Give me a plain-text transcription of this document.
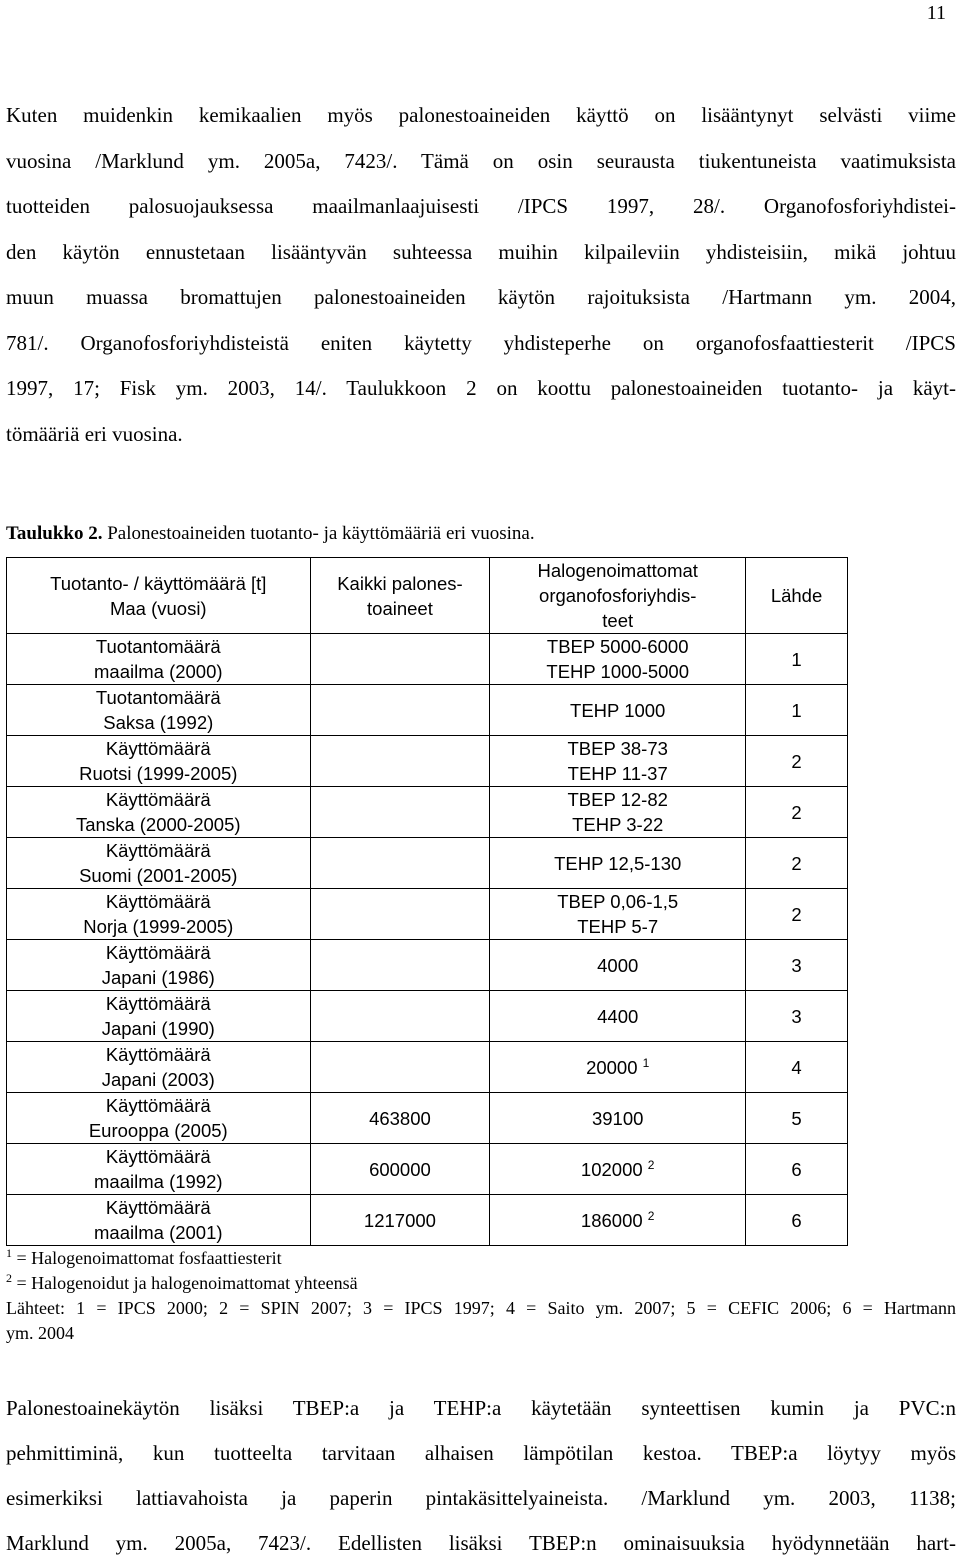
11
Kuten muidenkin kemikaalien myös palonestoaineiden käyttö on lisääntynyt selvästi viime
vuosina /Marklund ym. 2005a, 7423/. Tämä on osin seurausta tiukentuneista vaatimuksista
tuotteiden palosuojauksessa maailmanlaajuisesti /IPCS 1997, 28/. Organofosforiyhdistei-
den käytön ennustetaan lisääntyvän suhteessa muihin kilpaileviin yhdisteisiin, mikä johtuu
muun muassa bromattujen palonestoaineiden käytön rajoituksista /Hartmann ym. 2004,
781/. Organofosforiyhdisteistä eniten käytetty yhdisteperhe on organofosfaattiesterit /IPCS
1997, 17; Fisk ym. 2003, 14/. Taulukkoon 2 on koottu palonestoaineiden tuotanto- ja käyt-
tömääriä eri vuosina.
Taulukko 2. Palonestoaineiden tuotanto- ja käyttömääriä eri vuosina.
Tuotanto- / käyttömäärä [t]
Maa (vuosi)	Kaikki palones-
toaineet	Halogenoimattomat
organofosforiyhdis-
teet	Lähde
Tuotantomäärä
maailma (2000)		TBEP 5000-6000
TEHP 1000-5000	1
Tuotantomäärä
Saksa (1992)		TEHP 1000	1
Käyttömäärä
Ruotsi (1999-2005)		TBEP 38-73
TEHP 11-37	2
Käyttömäärä
Tanska (2000-2005)		TBEP 12-82
TEHP 3-22	2
Käyttömäärä
Suomi (2001-2005)		TEHP 12,5-130	2
Käyttömäärä
Norja (1999-2005)		TBEP 0,06-1,5
TEHP 5-7	2
Käyttömäärä
Japani (1986)		4000	3
Käyttömäärä
Japani (1990)		4400	3
Käyttömäärä
Japani (2003)		20000 $^1$	4
Käyttömäärä
Eurooppa (2005)	463800	39100	5
Käyttömäärä
maailma (1992)	600000	102000 $^2$	6
Käyttömäärä
maailma (2001)	1217000	186000 $^2$	6
$^1$ = Halogenoimattomat fosfaattiesterit
$^2$ = Halogenoidut ja halogenoimattomat yhteensä
Lähteet: 1 = IPCS 2000; 2 = SPIN 2007; 3 = IPCS 1997; 4 = Saito ym. 2007; 5 = CEFIC 2006; 6 = Hartmann
ym. 2004
Palonestoainekäytön lisäksi TBEP:a ja TEHP:a käytetään synteettisen kumin ja PVC:n
pehmittiminä, kun tuotteelta tarvitaan alhaisen lämpötilan kestoa. TBEP:a löytyy myös
esimerkiksi lattiavahoista ja paperin pintakäsittelyaineista. /Marklund ym. 2003, 1138;
Marklund ym. 2005a, 7423/. Edellisten lisäksi TBEP:n ominaisuuksia hyödynnetään hart-
